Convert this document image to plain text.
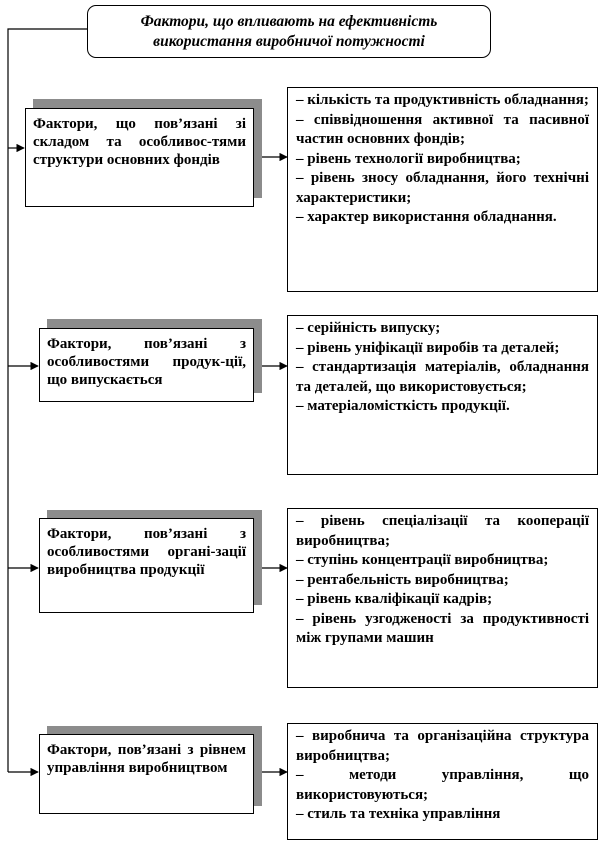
Фактори, що впливають на ефективність використання виробничої потужності
Фактори, що пов’язані зі складом та особливос-тями структури основних фондів
– кількість та продуктивність обладнання;
– співвідношення активної та пасивної частин основних фондів;
– рівень технології виробництва;
– рівень зносу обладнання, його технічні характеристики;
– характер використання обладнання.
Фактори, пов’язані з особливостями продук-ції, що випускається
– серійність випуску;
– рівень уніфікації виробів та деталей;
– стандартизація матеріалів, обладнання та деталей, що використовується;
– матеріаломісткість продукції.
Фактори, пов’язані з особливостями органі-зації виробництва продукції
– рівень спеціалізації та кооперації виробництва;
– ступінь концентрації виробництва;
– рентабельність виробництва;
– рівень кваліфікації кадрів;
– рівень узгодженості за продуктивності між групами машин
Фактори, пов’язані з рівнем управління виробництвом
– виробнича та організаційна структура виробництва;
– методи управління, що використовуються;
– стиль та техніка управління
